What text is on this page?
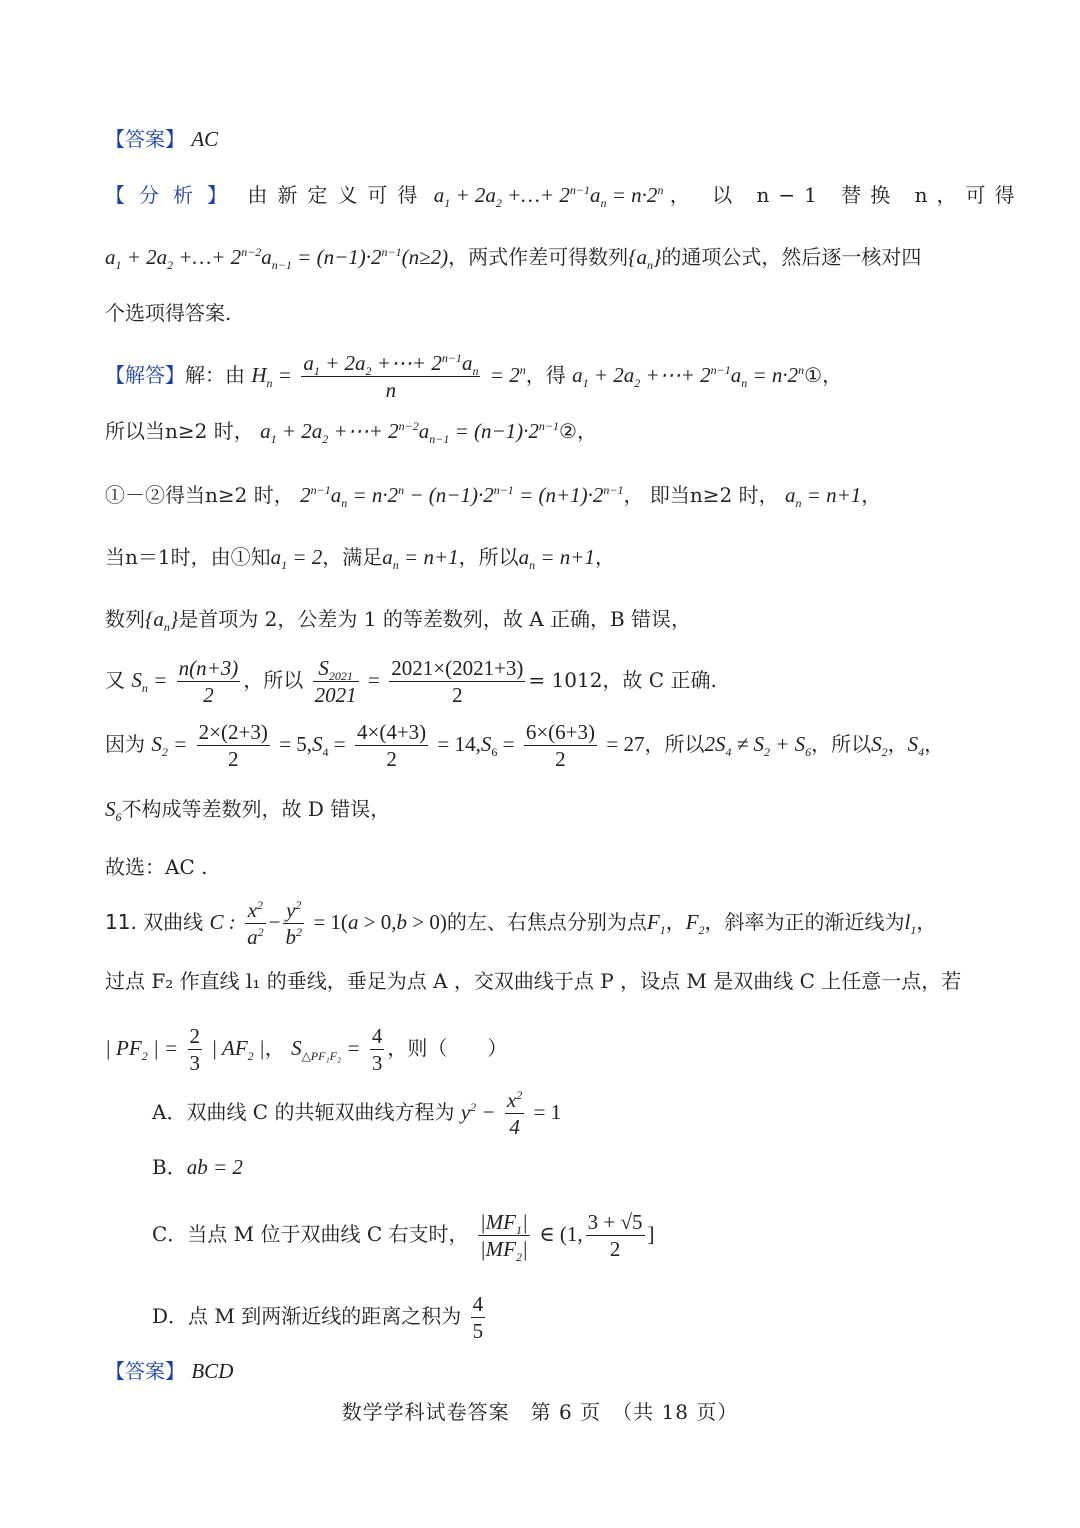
【答案】 AC
【分析】 由新定义可得 $a_1 + 2a_2$ +…+ $2^{n-1}a_n = n\cdot 2^n$ ， 以 n−1 替换 n，可得
$a_1 + 2a_2$ +…+ $2^{n-2}a_{n-1} = (n-1)\cdot 2^{n-1}(n\ge 2)$，两式作差可得数列$\{a_n\}$的通项公式，然后逐一核对四
个选项得答案.
【解答】解：由 $H_n = \frac{a_1 + 2a_2 +\cdots+ 2^{n-1}a_n}{n} = 2^n$，得 $a_1 + 2a_2$ +⋯+ $2^{n-1}a_n$ = $n\cdot 2^n①$，
所以当n≥2 时， $a_1 + 2a_2$ +⋯+ $2^{n-2}a_{n-1}$ = $(n-1)\cdot 2^{n-1}②$，
①－②得当n≥2 时， $2^{n-1}a_n = n\cdot 2^n - (n-1)\cdot 2^{n-1} = (n+1)\cdot 2^{n-1}$， 即当n≥2 时， $a_n = n+1$，
当n＝1时，由①知$a_1 = 2$，满足$a_n = n+1$，所以$a_n = n+1$，
数列$\{a_n\}$是首项为 2，公差为 1 的等差数列，故 A 正确，B 错误，
又 $S_n = \frac{n(n+3)}{2}$ ，所以 $\frac{S_{2021}}{2021} = \frac{2021\times(2021+3)}{2} = 1012$，故 C 正确.
因为 $S_2 = \frac{2\times(2+3)}{2} = 5,S_4 = \frac{4\times(4+3)}{2} = 14,S_6 = \frac{6\times(6+3)}{2} = 27$，所以$2S_4 \ne S_2 + S_6$，所以$S_2$，$S_4$，
$S_6$不构成等差数列，故 D 错误，
故选：AC .
11. 双曲线 C : $\frac{x^2}{a^2} - \frac{y^2}{b^2} = 1(a > 0,b > 0)$的左、右焦点分别为点$F_1$，$F_2$，斜率为正的渐近线为$l_1$，
过点 F₂ 作直线 l₁ 的垂线，垂足为点 A ，交双曲线于点 P ，设点 M 是双曲线 C 上任意一点，若
| $PF_2$ | = $\frac{2}{3}$ | $AF_2$ |， $S_{\triangle PF_1F_2} = \frac{4}{3}$ ，则（　　）
A．双曲线 C 的共轭双曲线方程为 $y^2 - \frac{x^2}{4} = 1$
B．ab = 2
C．当点 M 位于双曲线 C 右支时， $\frac{|MF_1|}{|MF_2|}$ ∈ (1, $\frac{3 + √5}{2}$ ]
D．点 M 到两渐近线的距离之积为 $\frac{4}{5}$
【答案】 BCD
数学学科试卷答案　第 6 页　（共 18 页）
